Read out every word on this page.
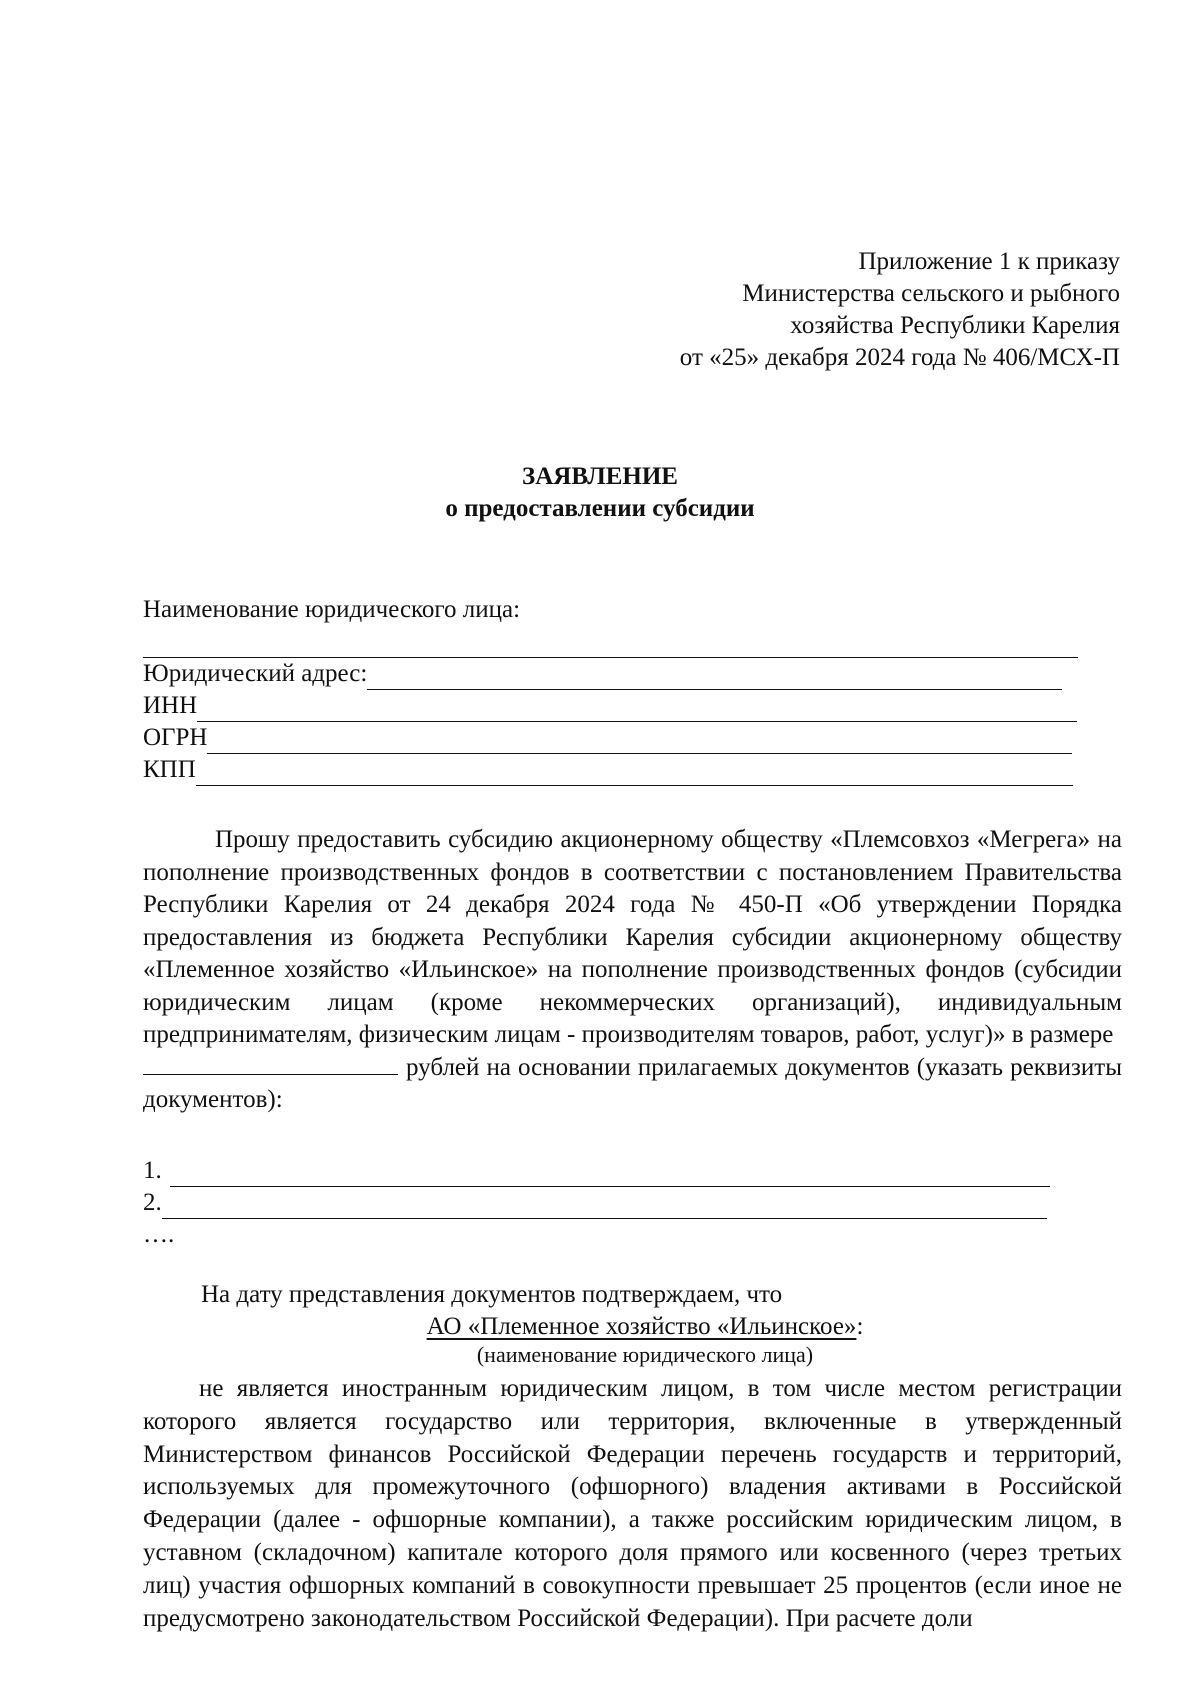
Приложение 1 к приказу
Министерства сельского и рыбного
хозяйства Республики Карелия
от «25» декабря 2024 года № 406/МСХ-П
ЗАЯВЛЕНИЕ
о предоставлении субсидии
Наименование юридического лица:
Юридический адрес:
ИНН
ОГРН
КПП

Прошу предоставить субсидию акционерному обществу «Племсовхоз «Мегрега» на пополнение производственных фондов в соответствии с постановлением Правительства Республики Карелия от 24 декабря 2024 года № 450-П «Об утверждении Порядка предоставления из бюджета Республики Карелия субсидии акционерному обществу «Племенное хозяйство «Ильинское» на пополнение производственных фондов (субсидии юридическим лицам (кроме некоммерческих организаций), индивидуальным предпринимателям, физическим лицам - производителям товаров, работ, услуг)» в размере
рублей на основании прилагаемых документов (указать реквизиты документов):

1.
2.
….
На дату представления документов подтверждаем, что
АО «Племенное хозяйство «Ильинское»:
(наименование юридического лица)

не является иностранным юридическим лицом, в том числе местом регистрации которого является государство или территория, включенные в утвержденный Министерством финансов Российской Федерации перечень государств и территорий, используемых для промежуточного (офшорного) владения активами в Российской Федерации (далее - офшорные компании), а также российским юридическим лицом, в уставном (складочном) капитале которого доля прямого или косвенного (через третьих лиц) участия офшорных компаний в совокупности превышает 25 процентов (если иное не предусмотрено законодательством Российской Федерации). При расчете доли
